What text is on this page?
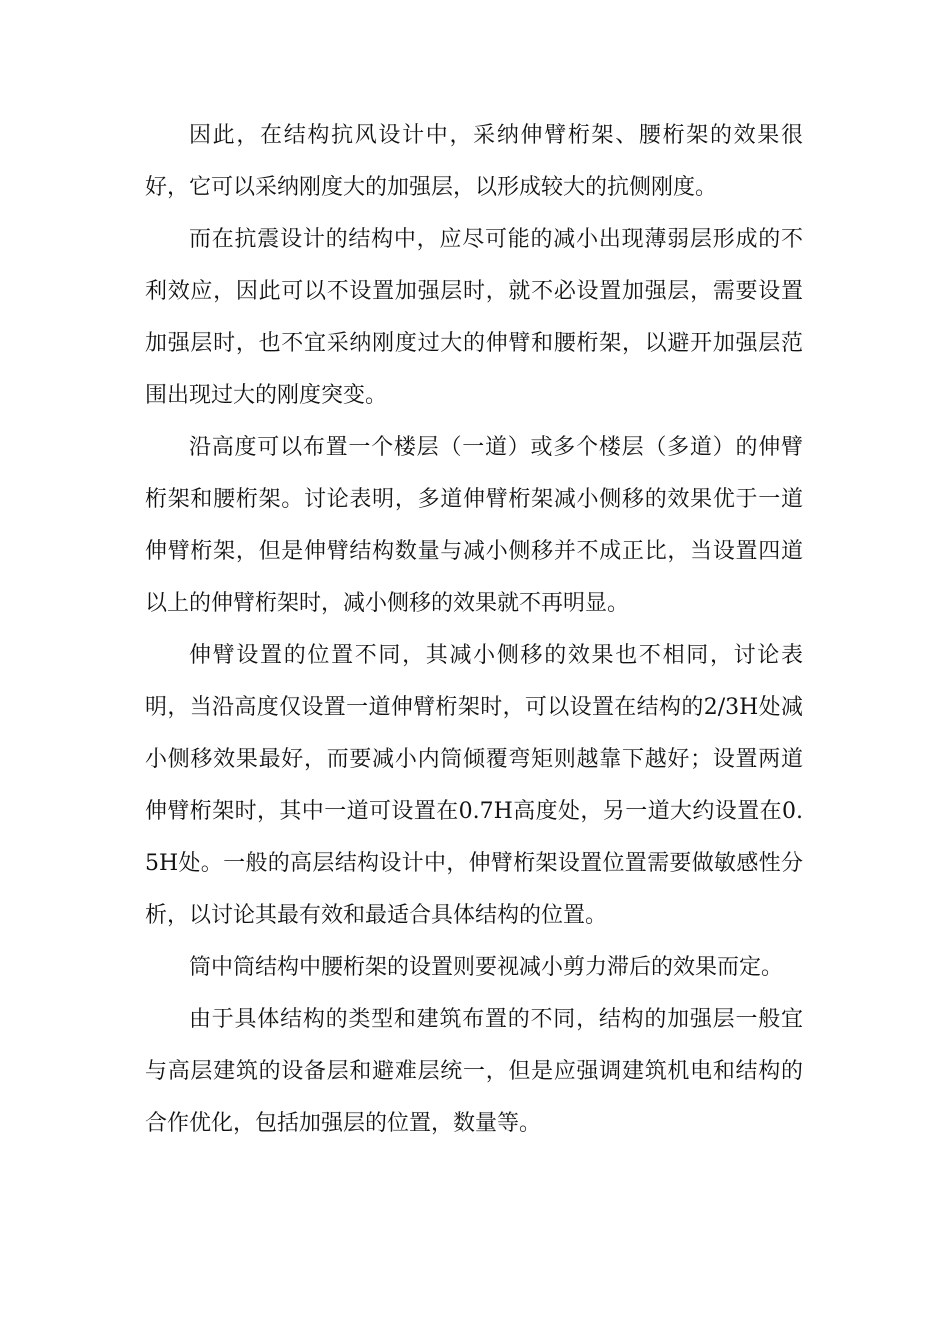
因此，在结构抗风设计中，采纳伸臂桁架、腰桁架的效果很好，它可以采纳刚度大的加强层，以形成较大的抗侧刚度。

而在抗震设计的结构中，应尽可能的减小出现薄弱层形成的不利效应，因此可以不设置加强层时，就不必设置加强层，需要设置加强层时，也不宜采纳刚度过大的伸臂和腰桁架，以避开加强层范围出现过大的刚度突变。

沿高度可以布置一个楼层（一道）或多个楼层（多道）的伸臂桁架和腰桁架。讨论表明，多道伸臂桁架减小侧移的效果优于一道伸臂桁架，但是伸臂结构数量与减小侧移并不成正比，当设置四道以上的伸臂桁架时，减小侧移的效果就不再明显。

伸臂设置的位置不同，其减小侧移的效果也不相同，讨论表明，当沿高度仅设置一道伸臂桁架时，可以设置在结构的2/3H处减小侧移效果最好，而要减小内筒倾覆弯矩则越靠下越好；设置两道伸臂桁架时，其中一道可设置在0.7H高度处，另一道大约设置在0.5H处。一般的高层结构设计中，伸臂桁架设置位置需要做敏感性分析，以讨论其最有效和最适合具体结构的位置。

筒中筒结构中腰桁架的设置则要视减小剪力滞后的效果而定。

由于具体结构的类型和建筑布置的不同，结构的加强层一般宜与高层建筑的设备层和避难层统一，但是应强调建筑机电和结构的合作优化，包括加强层的位置，数量等。
